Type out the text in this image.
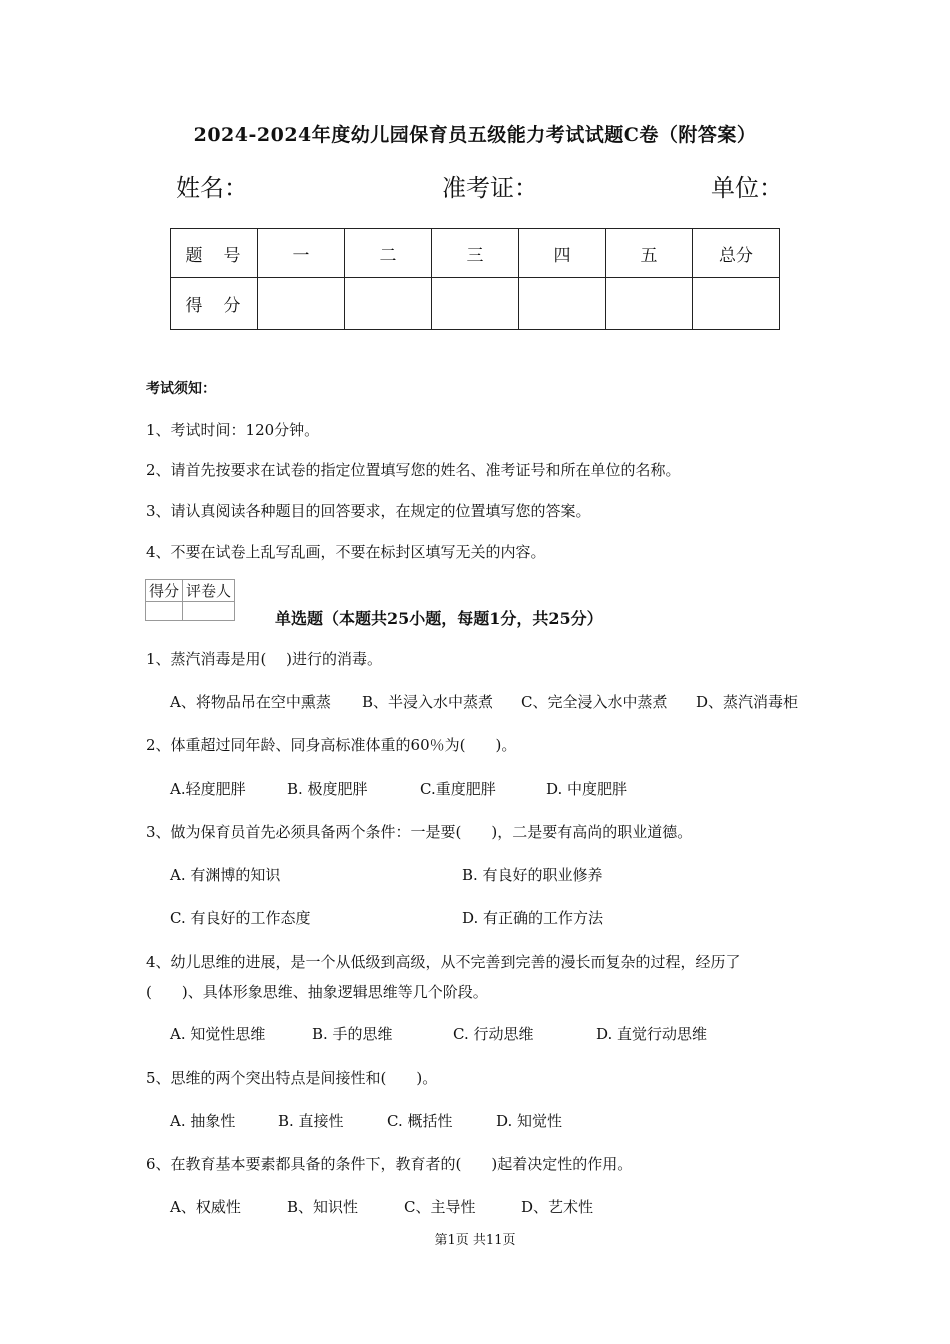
2024-2024年度幼儿园保育员五级能力考试试题C卷（附答案）
姓名：	准考证：	单位：
题　号	一	二	三	四	五	总分
得　分						
考试须知：
1、考试时间：120分钟。
2、请首先按要求在试卷的指定位置填写您的姓名、准考证号和所在单位的名称。
3、请认真阅读各种题目的回答要求，在规定的位置填写您的答案。
4、不要在试卷上乱写乱画，不要在标封区填写无关的内容。
得分	评卷人

单选题（本题共25小题，每题1分，共25分）
1、蒸汽消毒是用(　 )进行的消毒。
A、将物品吊在空中熏蒸 B、半浸入水中蒸煮 C、完全浸入水中蒸煮 D、蒸汽消毒柜
2、体重超过同年龄、同身高标准体重的60％为(　　)。
A.轻度肥胖	B. 极度肥胖	C.重度肥胖	D. 中度肥胖
3、做为保育员首先必须具备两个条件：一是要(　　)，二是要有高尚的职业道德。
A. 有渊博的知识	B. 有良好的职业修养
C. 有良好的工作态度	D. 有正确的工作方法
4、幼儿思维的进展，是一个从低级到高级，从不完善到完善的漫长而复杂的过程，经历了
(　　)、具体形象思维、抽象逻辑思维等几个阶段。
A. 知觉性思维	B. 手的思维	C. 行动思维	D. 直觉行动思维
5、思维的两个突出特点是间接性和(　　)。
A. 抽象性	B. 直接性	C. 概括性	D. 知觉性
6、在教育基本要素都具备的条件下，教育者的(　　)起着决定性的作用。
A、权威性	B、知识性	C、主导性	D、艺术性
第1页 共11页
